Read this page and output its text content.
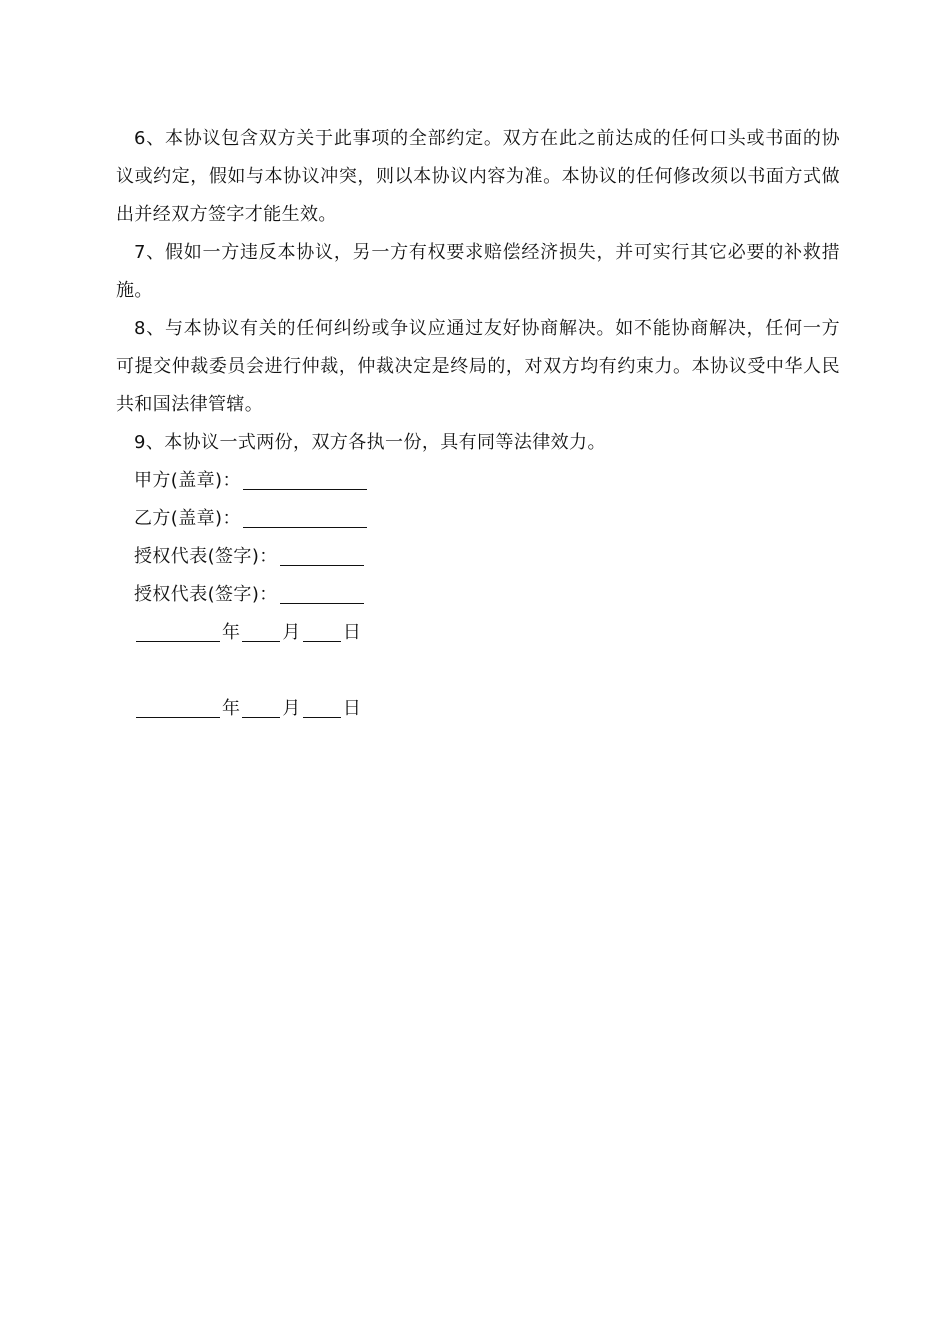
6、本协议包含双方关于此事项的全部约定。双方在此之前达成的任何口头或书面的协议或约定，假如与本协议冲突，则以本协议内容为准。本协议的任何修改须以书面方式做出并经双方签字才能生效。

7、假如一方违反本协议，另一方有权要求赔偿经济损失，并可实行其它必要的补救措施。

8、与本协议有关的任何纠纷或争议应通过友好协商解决。如不能协商解决，任何一方可提交仲裁委员会进行仲裁，仲裁决定是终局的，对双方均有约束力。本协议受中华人民共和国法律管辖。

9、本协议一式两份，双方各执一份，具有同等法律效力。

甲方(盖章)：
乙方(盖章)：
授权代表(签字)：
授权代表(签字)：
年 月 日
年 月 日
